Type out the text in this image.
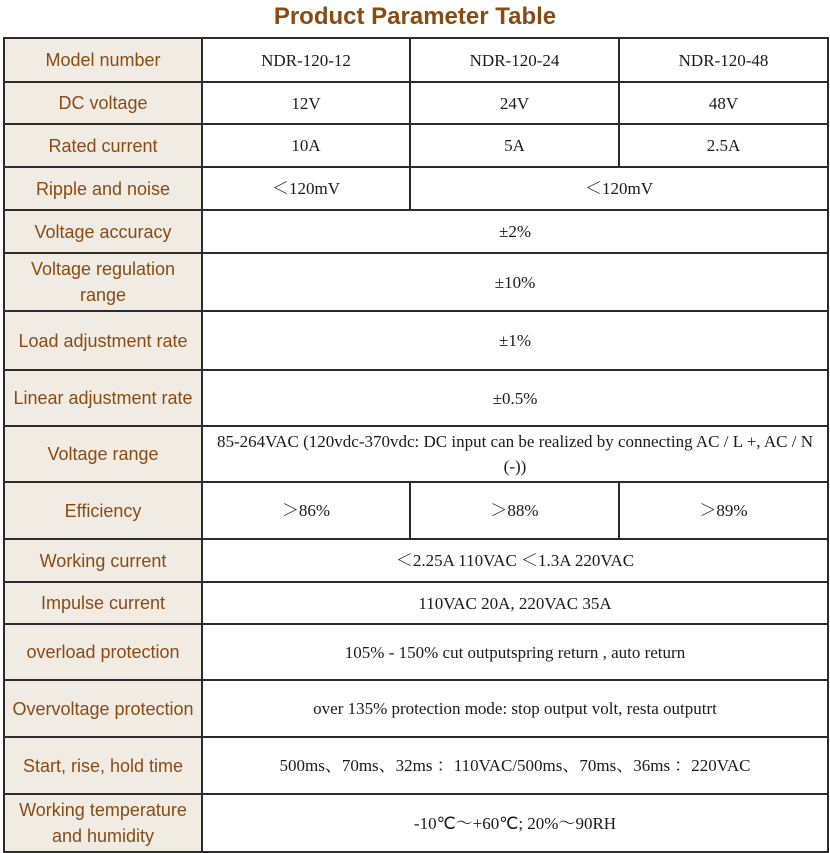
Product Parameter Table
Model number	NDR-120-12	NDR-120-24	NDR-120-48
DC voltage	12V	24V	48V
Rated current	10A	5A	2.5A
Ripple and noise	＜120mV	＜120mV	
Voltage accuracy	±2%		
Voltage regulation range	±10%		
Load adjustment rate	±1%		
Linear adjustment rate	±0.5%		
Voltage range	85-264VAC (120vdc-370vdc: DC input can be realized by connecting AC / L +, AC / N (-))		
Efficiency	＞86%	＞88%	＞89%
Working current	＜2.25A 110VAC ＜1.3A 220VAC		
Impulse current	110VAC 20A, 220VAC 35A		
overload protection	105% - 150% cut outputspring return , auto return		
Overvoltage protection	over 135% protection mode: stop output volt, resta outputrt		
Start, rise, hold time	500ms、70ms、32ms ：110VAC/500ms、70ms、36ms ：220VAC		
Working temperature and humidity	-10℃～+60℃; 20%～90RH		
